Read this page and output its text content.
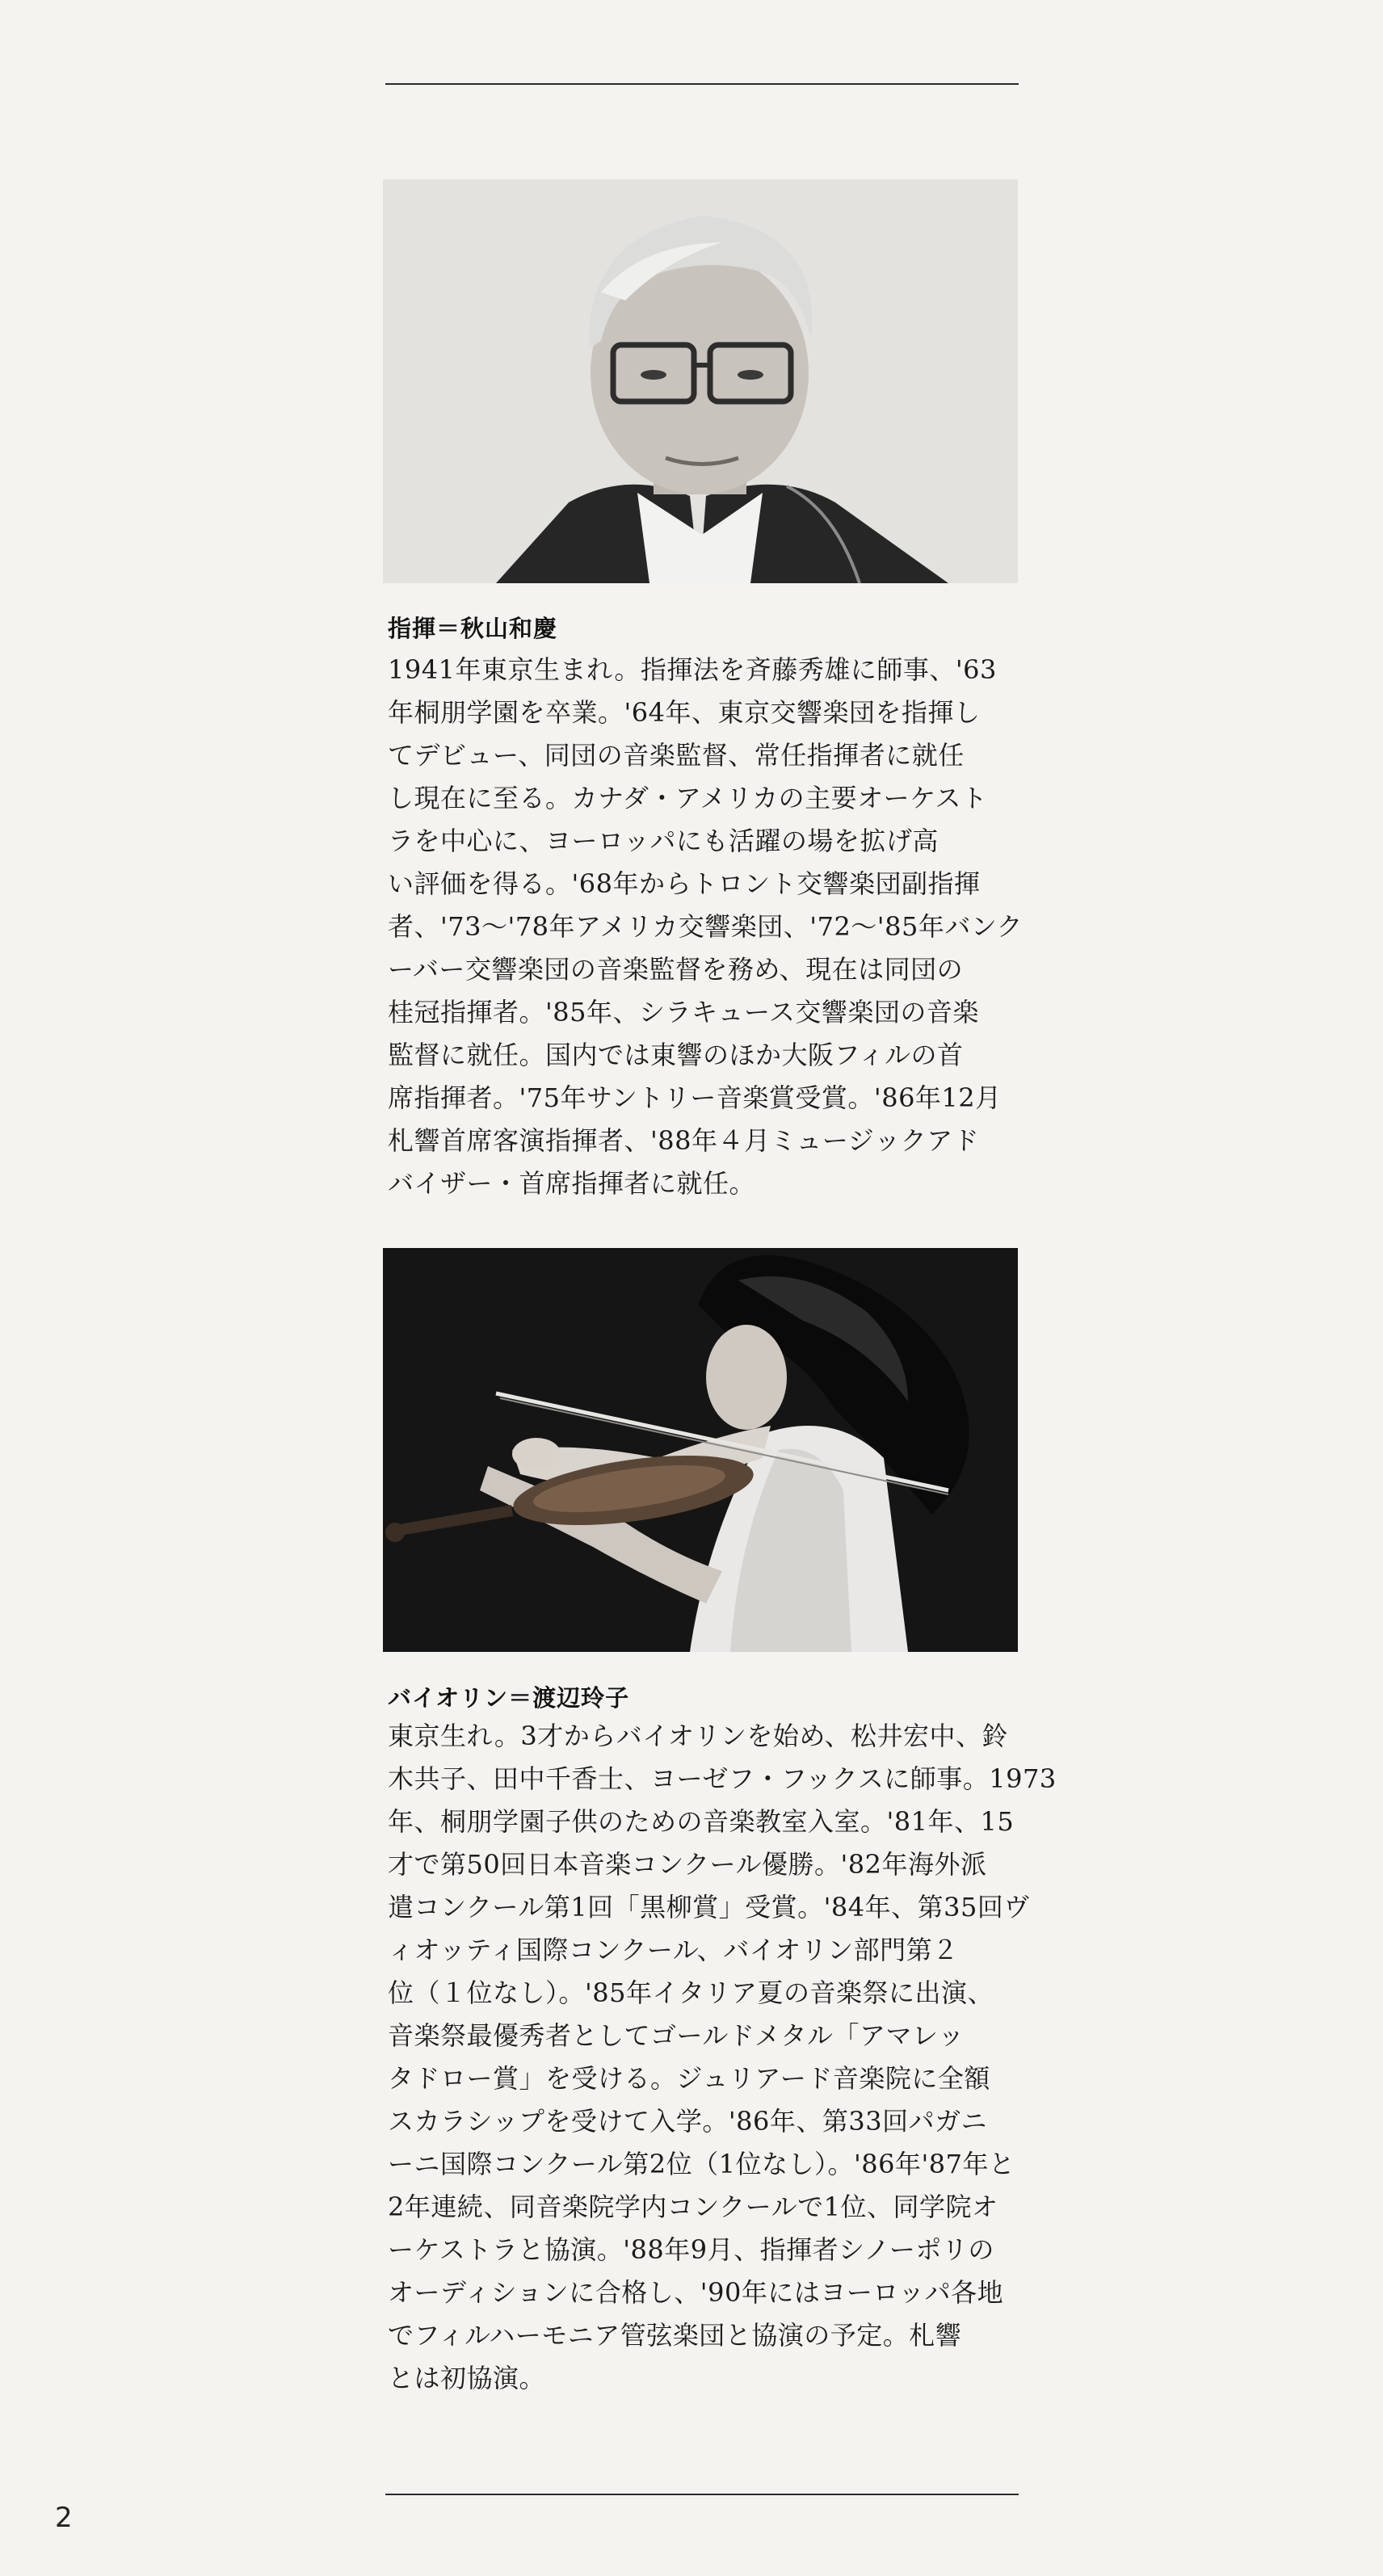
指揮＝秋山和慶
1941年東京生まれ。指揮法を斉藤秀雄に師事、'63
年桐朋学園を卒業。'64年、東京交響楽団を指揮し
てデビュー、同団の音楽監督、常任指揮者に就任
し現在に至る。カナダ・アメリカの主要オーケスト
ラを中心に、ヨーロッパにも活躍の場を拡げ高
い評価を得る。'68年からトロント交響楽団副指揮
者、'73～'78年アメリカ交響楽団、'72～'85年バンク
ーバー交響楽団の音楽監督を務め、現在は同団の
桂冠指揮者。'85年、シラキュース交響楽団の音楽
監督に就任。国内では東響のほか大阪フィルの首
席指揮者。'75年サントリー音楽賞受賞。'86年12月
札響首席客演指揮者、'88年４月ミュージックアド
バイザー・首席指揮者に就任。
バイオリン＝渡辺玲子
東京生れ。3才からバイオリンを始め、松井宏中、鈴
木共子、田中千香士、ヨーゼフ・フックスに師事。1973
年、桐朋学園子供のための音楽教室入室。'81年、15
才で第50回日本音楽コンクール優勝。'82年海外派
遣コンクール第1回「黒柳賞」受賞。'84年、第35回ヴ
ィオッティ国際コンクール、バイオリン部門第２
位（１位なし）。'85年イタリア夏の音楽祭に出演、
音楽祭最優秀者としてゴールドメタル「アマレッ
タドロー賞」を受ける。ジュリアード音楽院に全額
スカラシップを受けて入学。'86年、第33回パガニ
ーニ国際コンクール第2位（1位なし）。'86年'87年と
2年連続、同音楽院学内コンクールで1位、同学院オ
ーケストラと協演。'88年9月、指揮者シノーポリの
オーディションに合格し、'90年にはヨーロッパ各地
でフィルハーモニア管弦楽団と協演の予定。札響
とは初協演。
2
